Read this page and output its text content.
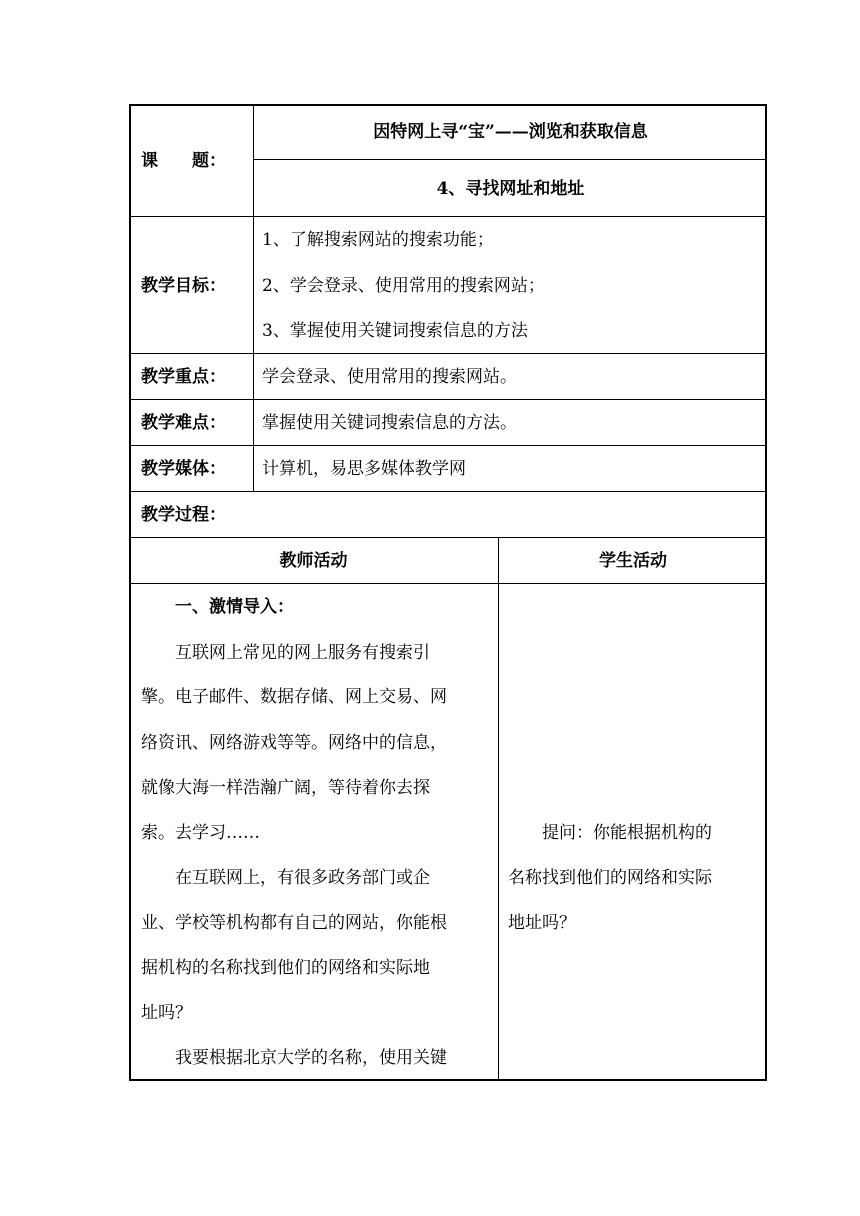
课　　题：
因特网上寻“宝”——浏览和获取信息
4、寻找网址和地址
教学目标：
1、了解搜索网站的搜索功能；
2、学会登录、使用常用的搜索网站；
3、掌握使用关键词搜索信息的方法
教学重点： 学会登录、使用常用的搜索网站。
教学难点： 掌握使用关键词搜索信息的方法。
教学媒体： 计算机，易思多媒体教学网
教学过程：
教师活动	学生活动
　　一、激情导入：
　　互联网上常见的网上服务有搜索引
擎。电子邮件、数据存储、网上交易、网
络资讯、网络游戏等等。网络中的信息，
就像大海一样浩瀚广阔，等待着你去探
索。去学习……
　　在互联网上，有很多政务部门或企
业、学校等机构都有自己的网站，你能根
据机构的名称找到他们的网络和实际地
址吗？
　　我要根据北京大学的名称，使用关键
　　提问：你能根据机构的
名称找到他们的网络和实际
地址吗？
